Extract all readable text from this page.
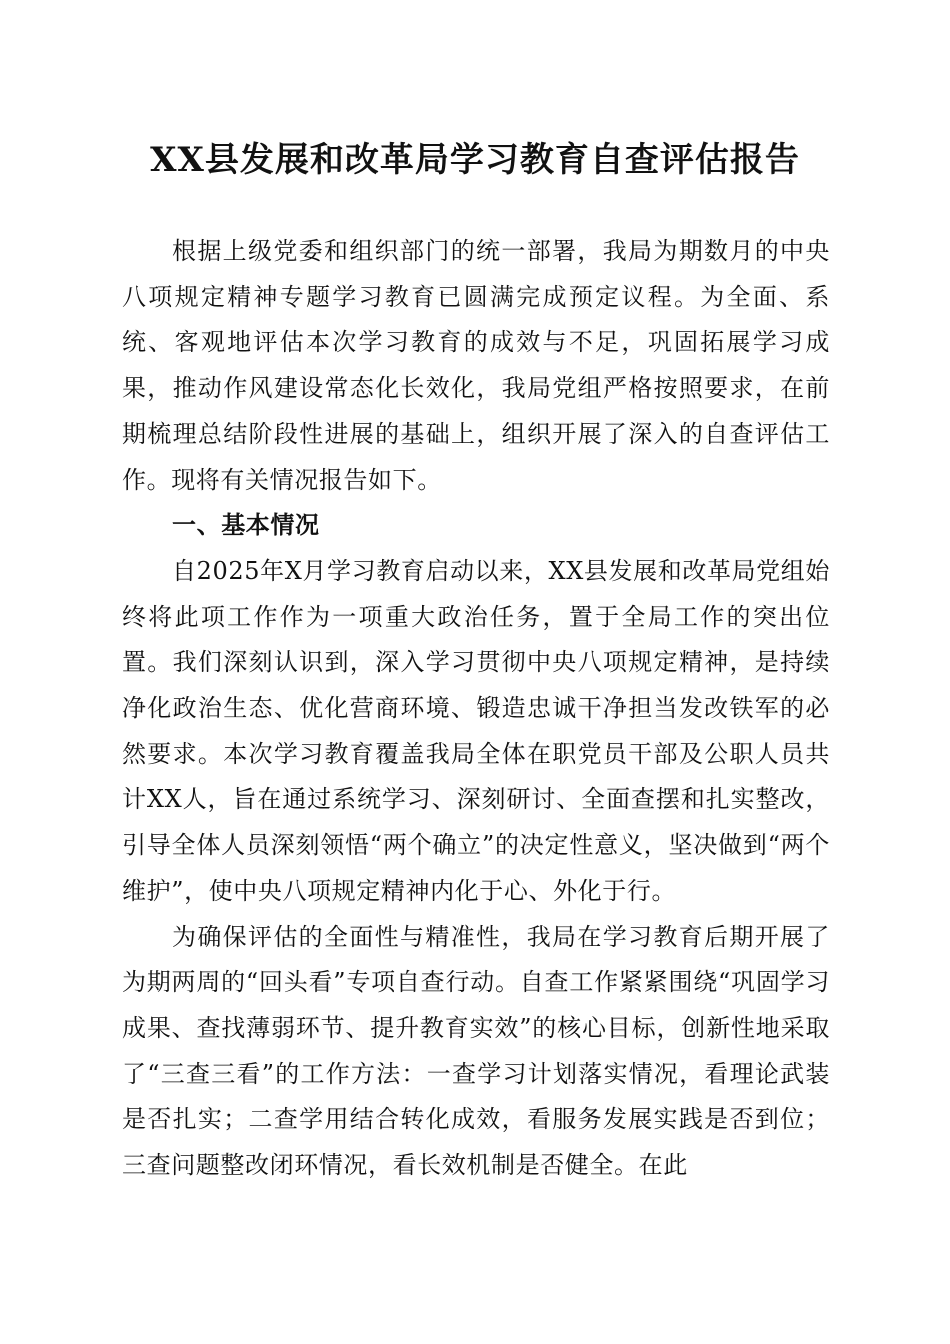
XX县发展和改革局学习教育自查评估报告

根据上级党委和组织部门的统一部署，我局为期数月的中央八项规定精神专题学习教育已圆满完成预定议程。为全面、系统、客观地评估本次学习教育的成效与不足，巩固拓展学习成果，推动作风建设常态化长效化，我局党组严格按照要求，在前期梳理总结阶段性进展的基础上，组织开展了深入的自查评估工作。现将有关情况报告如下。

一、基本情况

自2025年X月学习教育启动以来，XX县发展和改革局党组始终将此项工作作为一项重大政治任务，置于全局工作的突出位置。我们深刻认识到，深入学习贯彻中央八项规定精神，是持续净化政治生态、优化营商环境、锻造忠诚干净担当发改铁军的必然要求。本次学习教育覆盖我局全体在职党员干部及公职人员共计XX人，旨在通过系统学习、深刻研讨、全面查摆和扎实整改，引导全体人员深刻领悟“两个确立”的决定性意义，坚决做到“两个维护”，使中央八项规定精神内化于心、外化于行。

为确保评估的全面性与精准性，我局在学习教育后期开展了为期两周的“回头看”专项自查行动。自查工作紧紧围绕“巩固学习成果、查找薄弱环节、提升教育实效”的核心目标，创新性地采取了“三查三看”的工作方法：一查学习计划落实情况，看理论武装是否扎实；二查学用结合转化成效，看服务发展实践是否到位；三查问题整改闭环情况，看长效机制是否健全。在此
